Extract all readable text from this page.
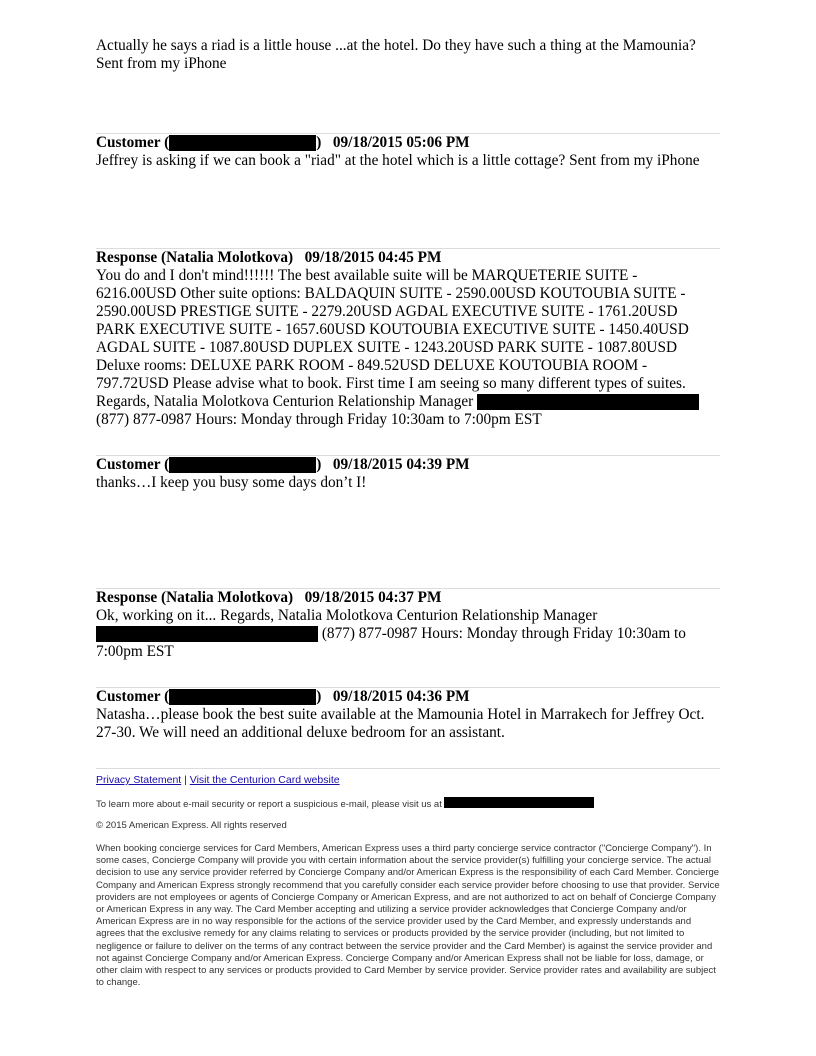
Actually he says a riad is a little house ...at the hotel. Do they have such a thing at the Mamounia? Sent from my iPhone
Customer (	) 09/18/2015 05:06 PM
Jeffrey is asking if we can book a "riad" at the hotel which is a little cottage? Sent from my iPhone
Response (Natalia Molotkova) 09/18/2015 04:45 PM
You do and I don't mind!!!!!! The best available suite will be MARQUETERIE SUITE - 6216.00USD Other suite options: BALDAQUIN SUITE - 2590.00USD KOUTOUBIA SUITE - 2590.00USD PRESTIGE SUITE - 2279.20USD AGDAL EXECUTIVE SUITE - 1761.20USD PARK EXECUTIVE SUITE - 1657.60USD KOUTOUBIA EXECUTIVE SUITE - 1450.40USD AGDAL SUITE - 1087.80USD DUPLEX SUITE - 1243.20USD PARK SUITE - 1087.80USD Deluxe rooms: DELUXE PARK ROOM - 849.52USD DELUXE KOUTOUBIA ROOM - 797.72USD Please advise what to book. First time I am seeing so many different types of suites. Regards, Natalia Molotkova Centurion Relationship Manager
(877) 877-0987 Hours: Monday through Friday 10:30am to 7:00pm EST
Customer (	) 09/18/2015 04:39 PM
thanks…I keep you busy some days don’t I!
Response (Natalia Molotkova) 09/18/2015 04:37 PM
Ok, working on it... Regards, Natalia Molotkova Centurion Relationship Manager
(877) 877-0987 Hours: Monday through Friday 10:30am to 7:00pm EST
Customer (	) 09/18/2015 04:36 PM
Natasha…please book the best suite available at the Mamounia Hotel in Marrakech for Jeffrey Oct. 27-30. We will need an additional deluxe bedroom for an assistant.
Privacy Statement | Visit the Centurion Card website
To learn more about e-mail security or report a suspicious e-mail, please visit us at
© 2015 American Express. All rights reserved
When booking concierge services for Card Members, American Express uses a third party concierge service contractor ("Concierge Company"). In some cases, Concierge Company will provide you with certain information about the service provider(s) fulfilling your concierge service. The actual decision to use any service provider referred by Concierge Company and/or American Express is the responsibility of each Card Member. Concierge Company and American Express strongly recommend that you carefully consider each service provider before choosing to use that provider. Service providers are not employees or agents of Concierge Company or American Express, and are not authorized to act on behalf of Concierge Company or American Express in any way. The Card Member accepting and utilizing a service provider acknowledges that Concierge Company and/or American Express are in no way responsible for the actions of the service provider used by the Card Member, and expressly understands and agrees that the exclusive remedy for any claims relating to services or products provided by the service provider (including, but not limited to negligence or failure to deliver on the terms of any contract between the service provider and the Card Member) is against the service provider and not against Concierge Company and/or American Express. Concierge Company and/or American Express shall not be liable for loss, damage, or other claim with respect to any services or products provided to Card Member by service provider. Service provider rates and availability are subject to change.
